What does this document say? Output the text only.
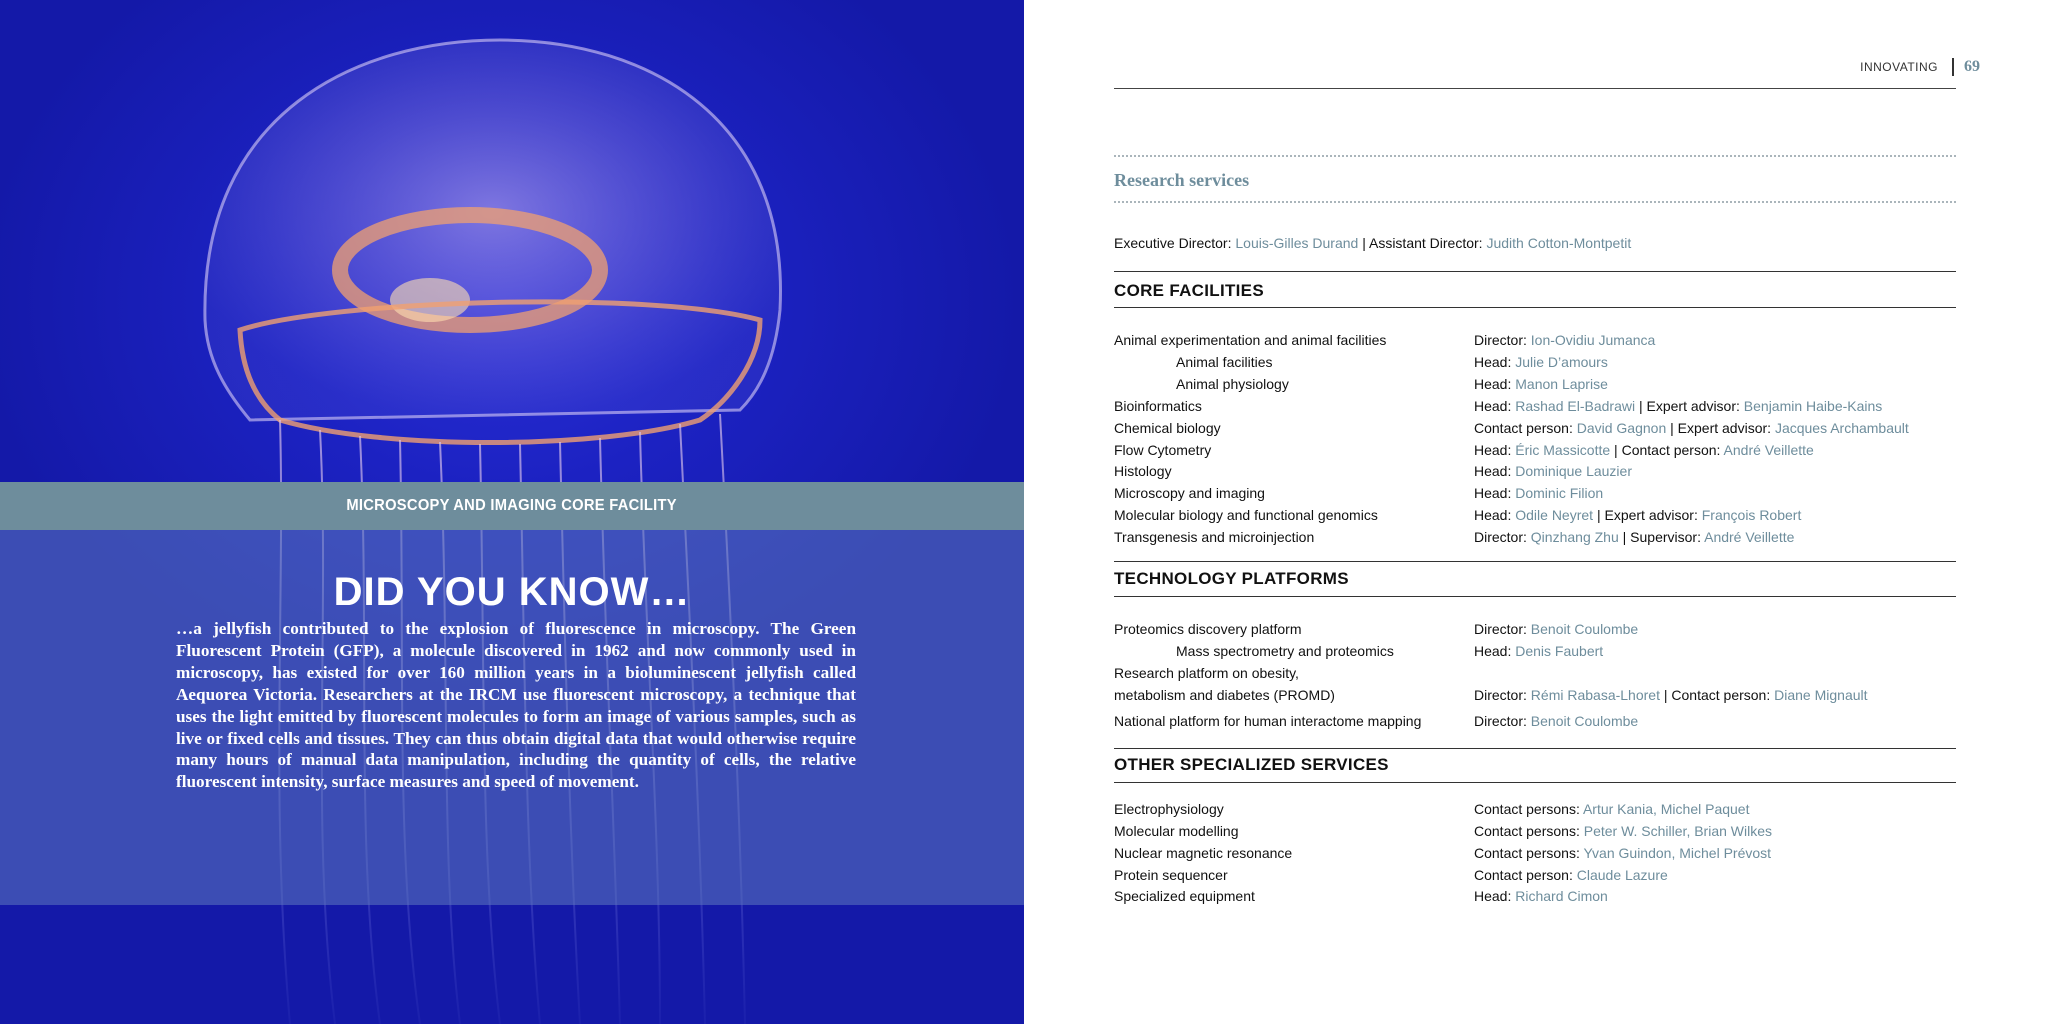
MICROSCOPY AND IMAGING CORE FACILITY
DID YOU KNOW…
…a jellyfish contributed to the explosion of fluorescence in microscopy. The Green Fluorescent Protein (GFP), a molecule discovered in 1962 and now commonly used in microscopy, has existed for over 160 million years in a bioluminescent jellyfish called Aequorea Victoria. Researchers at the IRCM use fluorescent microscopy, a technique that uses the light emitted by fluorescent molecules to form an image of various samples, such as live or fixed cells and tissues. They can thus obtain digital data that would otherwise require many hours of manual data manipulation, including the quantity of cells, the relative fluorescent intensity, surface measures and speed of movement.
INNOVATING 69
Research services
Executive Director: Louis-Gilles Durand | Assistant Director: Judith Cotton-Montpetit
CORE FACILITIES
Animal experimentation and animal facilities	Director: Ion-Ovidiu Jumanca
Animal facilities	Head: Julie D’amours
Animal physiology	Head: Manon Laprise
Bioinformatics	Head: Rashad El-Badrawi | Expert advisor: Benjamin Haibe-Kains
Chemical biology	Contact person: David Gagnon | Expert advisor: Jacques Archambault
Flow Cytometry	Head: Éric Massicotte | Contact person: André Veillette
Histology	Head: Dominique Lauzier
Microscopy and imaging	Head: Dominic Filion
Molecular biology and functional genomics	Head: Odile Neyret | Expert advisor: François Robert
Transgenesis and microinjection	Director: Qinzhang Zhu | Supervisor: André Veillette
TECHNOLOGY PLATFORMS
Proteomics discovery platform	Director: Benoit Coulombe
Mass spectrometry and proteomics	Head: Denis Faubert
Research platform on obesity,
metabolism and diabetes (PROMD)	Director: Rémi Rabasa-Lhoret | Contact person: Diane Mignault
National platform for human interactome mapping	Director: Benoit Coulombe
OTHER SPECIALIZED SERVICES
Electrophysiology	Contact persons: Artur Kania, Michel Paquet
Molecular modelling	Contact persons: Peter W. Schiller, Brian Wilkes
Nuclear magnetic resonance	Contact persons: Yvan Guindon, Michel Prévost
Protein sequencer	Contact person: Claude Lazure
Specialized equipment	Head: Richard Cimon
